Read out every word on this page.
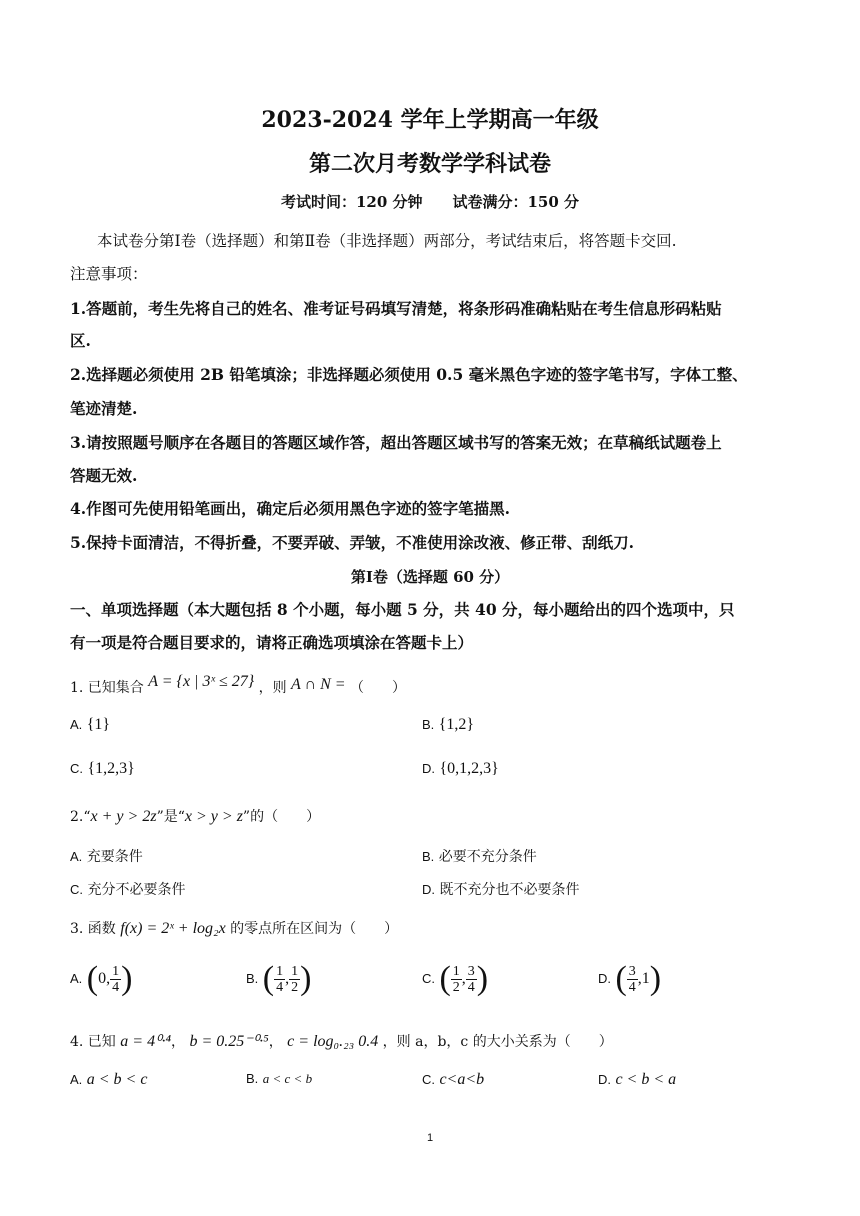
2023-2024 学年上学期高一年级
第二次月考数学学科试卷
考试时间：120 分钟　　试卷满分：150 分
本试卷分第Ⅰ卷（选择题）和第Ⅱ卷（非选择题）两部分，考试结束后，将答题卡交回.
注意事项：
1.答题前，考生先将自己的姓名、准考证号码填写清楚，将条形码准确粘贴在考生信息形码粘贴
区.
2.选择题必须使用 2B 铅笔填涂；非选择题必须使用 0.5 毫米黑色字迹的签字笔书写，字体工整、
笔迹清楚.
3.请按照题号顺序在各题目的答题区域作答，超出答题区域书写的答案无效；在草稿纸试题卷上
答题无效.
4.作图可先使用铅笔画出，确定后必须用黑色字迹的签字笔描黑.
5.保持卡面清洁，不得折叠，不要弄破、弄皱，不准使用涂改液、修正带、刮纸刀.
第Ⅰ卷（选择题 60 分）
一、单项选择题（本大题包括 8 个小题，每小题 5 分，共 40 分，每小题给出的四个选项中，只
有一项是符合题目要求的，请将正确选项填涂在答题卡上）
1. 已知集合 A = {x | 3ˣ ≤ 27} ，则 A ∩ N = （　　）
A. {1}	B. {1,2}
C. {1,2,3}	D. {0,1,2,3}
2.“x + y > 2z”是“x > y > z”的（　　）
A. 充要条件	B. 必要不充分条件
C. 充分不必要条件	D. 既不充分也不必要条件
3. 函数 f(x) = 2ˣ + log₂x 的零点所在区间为（　　）
A. (0, $\frac{1}{4}$ )	B. ( $\frac{1}{4}$ , $\frac{1}{2}$ )	C. ( $\frac{1}{2}$ , $\frac{3}{4}$ )	D. ( $\frac{3}{4} ,1$)
4. 已知 a = 4⁰·⁴， b = 0.25⁻⁰·⁵， c = log₀.₂₃ 0.4 ，则 a，b，c 的大小关系为（　　）
A. a < b < c	B. a < c < b	C. c<a<b	D. c < b < a
1
